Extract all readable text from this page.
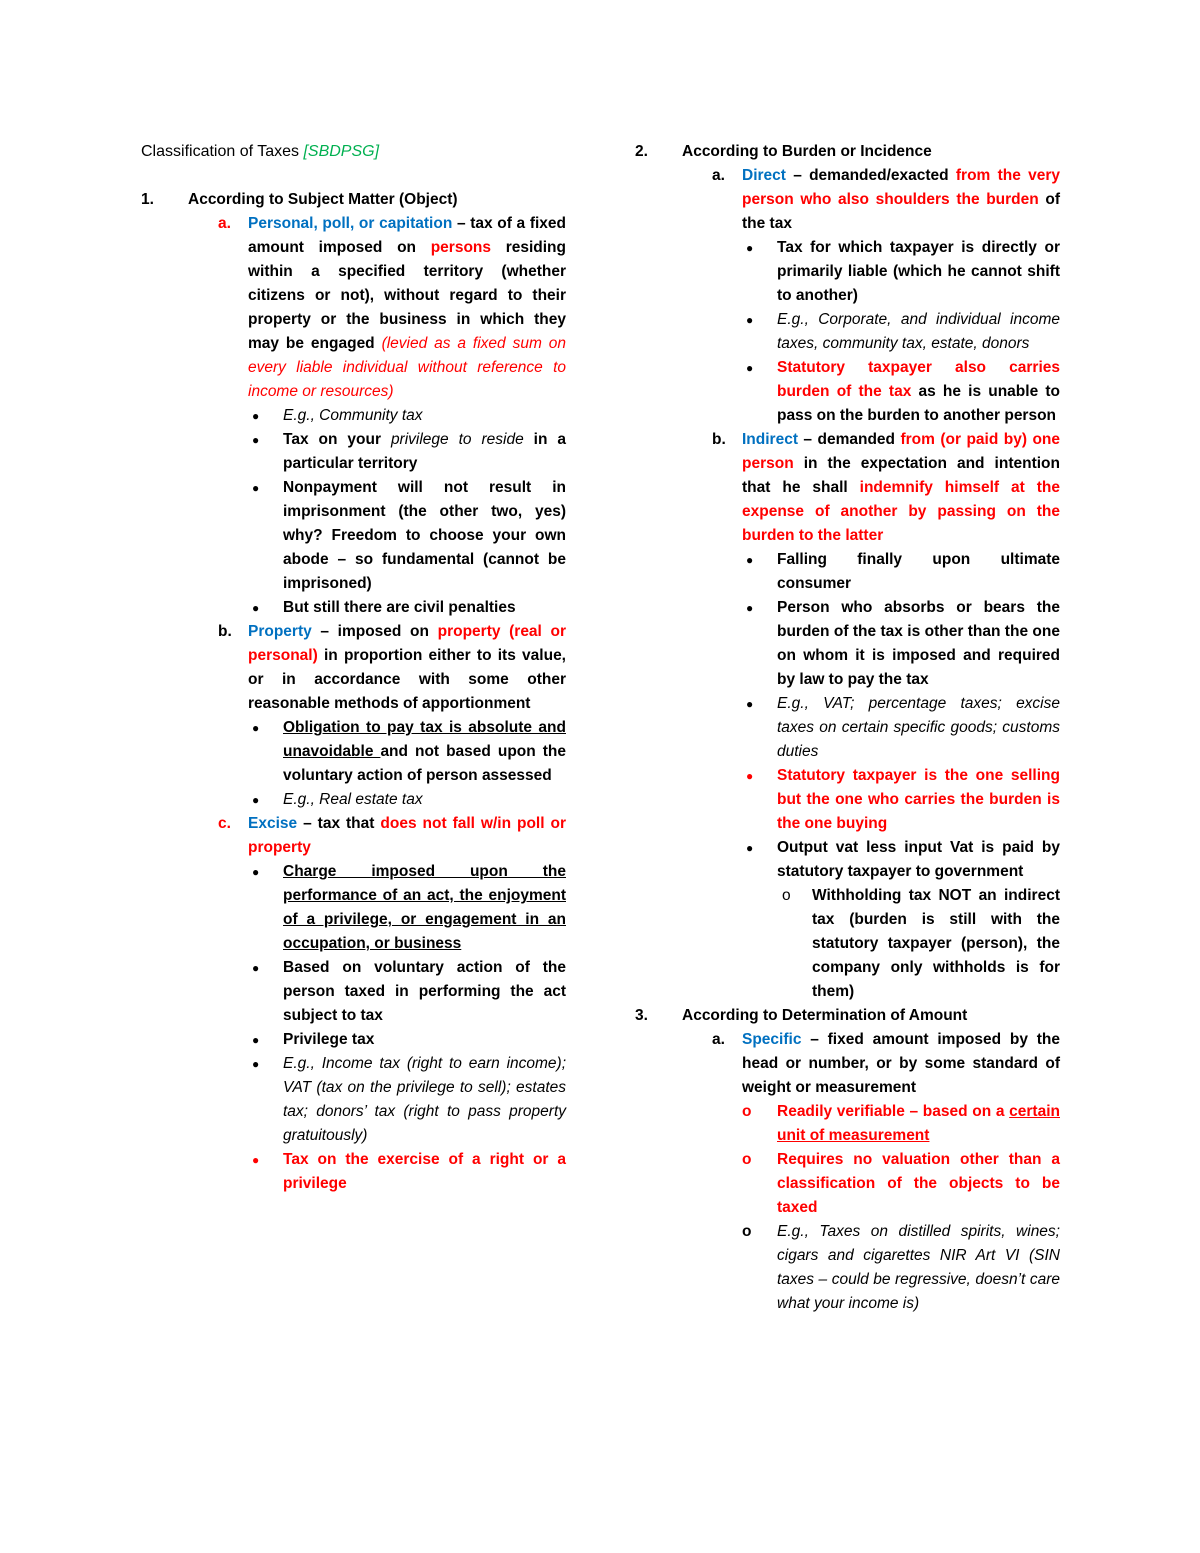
Classification of Taxes [SBDPSG]
1. According to Subject Matter (Object)
a. Personal, poll, or capitation – tax of a fixed amount imposed on persons residing within a specified territory (whether citizens or not), without regard to their property or the business in which they may be engaged (levied as a fixed sum on every liable individual without reference to income or resources)
● E.g., Community tax
● Tax on your privilege to reside in a particular territory
● Nonpayment will not result in imprisonment (the other two, yes) why? Freedom to choose your own abode – so fundamental (cannot be imprisoned)
● But still there are civil penalties
b. Property – imposed on property (real or personal) in proportion either to its value, or in accordance with some other reasonable methods of apportionment
● Obligation to pay tax is absolute and unavoidable and not based upon the voluntary action of person assessed
● E.g., Real estate tax
c. Excise – tax that does not fall w/in poll or property
● Charge imposed upon the performance of an act, the enjoyment of a privilege, or engagement in an occupation, or business
● Based on voluntary action of the person taxed in performing the act subject to tax
● Privilege tax
● E.g., Income tax (right to earn income); VAT (tax on the privilege to sell); estates tax; donors’ tax (right to pass property gratuitously)
● Tax on the exercise of a right or a privilege
2. According to Burden or Incidence
a. Direct – demanded/exacted from the very person who also shoulders the burden of the tax
● Tax for which taxpayer is directly or primarily liable (which he cannot shift to another)
● E.g., Corporate, and individual income taxes, community tax, estate, donors
● Statutory taxpayer also carries burden of the tax as he is unable to pass on the burden to another person
b. Indirect – demanded from (or paid by) one person in the expectation and intention that he shall indemnify himself at the expense of another by passing on the burden to the latter
● Falling finally upon ultimate consumer
● Person who absorbs or bears the burden of the tax is other than the one on whom it is imposed and required by law to pay the tax
● E.g., VAT; percentage taxes; excise taxes on certain specific goods; customs duties
● Statutory taxpayer is the one selling but the one who carries the burden is the one buying
● Output vat less input Vat is paid by statutory taxpayer to government
o Withholding tax NOT an indirect tax (burden is still with the statutory taxpayer (person), the company only withholds is for them)
3. According to Determination of Amount
a. Specific – fixed amount imposed by the head or number, or by some standard of weight or measurement
o Readily verifiable – based on a certain unit of measurement
o Requires no valuation other than a classification of the objects to be taxed
o E.g., Taxes on distilled spirits, wines; cigars and cigarettes NIR Art VI (SIN taxes – could be regressive, doesn’t care what your income is)
